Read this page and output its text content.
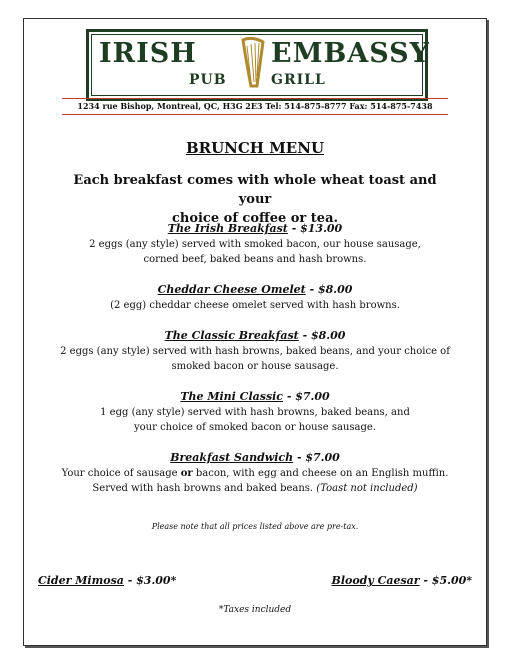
IRISH	EMBASSY
PUB	GRILL
1234 rue Bishop, Montreal, QC, H3G 2E3 Tel: 514-875-8777 Fax: 514-875-7438
BRUNCH MENU
Each breakfast comes with whole wheat toast and your
choice of coffee or tea.
The Irish Breakfast - $13.00
2 eggs (any style) served with smoked bacon, our house sausage,
corned beef, baked beans and hash browns.
Cheddar Cheese Omelet - $8.00
(2 egg) cheddar cheese omelet served with hash browns.
The Classic Breakfast - $8.00
2 eggs (any style) served with hash browns, baked beans, and your choice of
smoked bacon or house sausage.
The Mini Classic - $7.00
1 egg (any style) served with hash browns, baked beans, and
your choice of smoked bacon or house sausage.
Breakfast Sandwich - $7.00
Your choice of sausage or bacon, with egg and cheese on an English muffin.
Served with hash browns and baked beans. (Toast not included)
Please note that all prices listed above are pre-tax.
Cider Mimosa - $3.00*	Bloody Caesar - $5.00*
*Taxes included
